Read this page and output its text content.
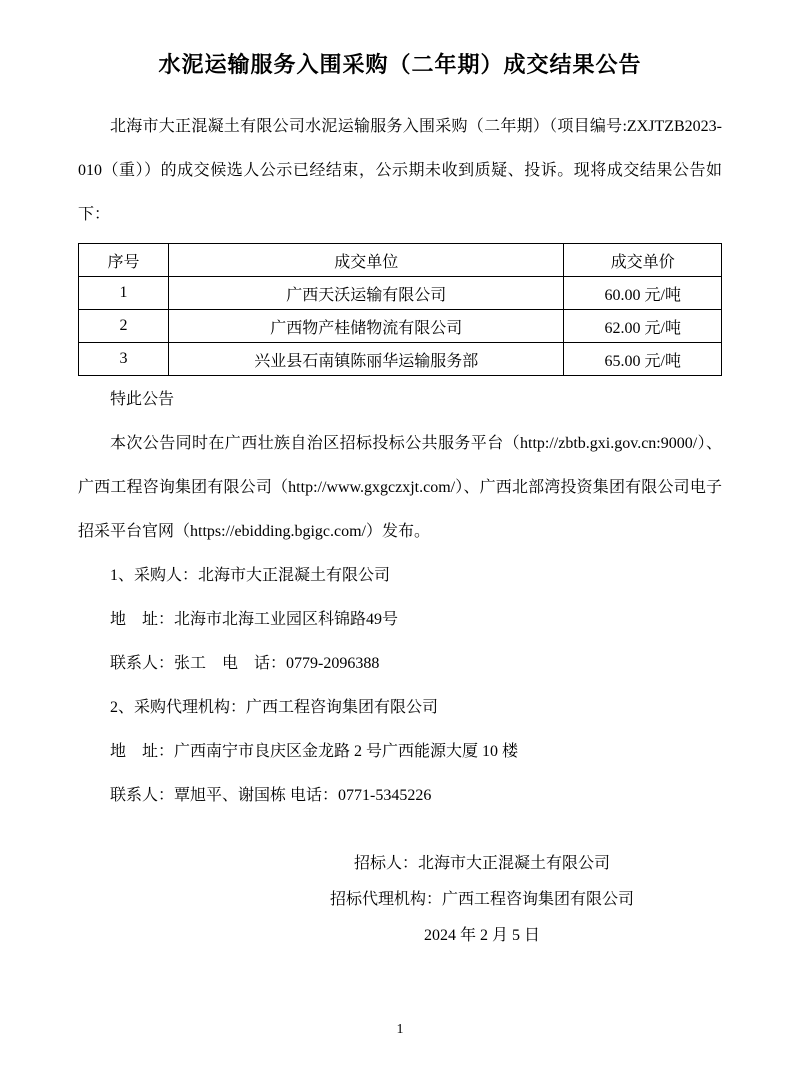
水泥运输服务入围采购（二年期）成交结果公告

北海市大正混凝土有限公司水泥运输服务入围采购（二年期）（项目编号:ZXJTZB2023-010（重））的成交候选人公示已经结束，公示期未收到质疑、投诉。现将成交结果公告如下：

序号	成交单位	成交单价
1	广西天沃运输有限公司	60.00 元/吨
2	广西物产桂储物流有限公司	62.00 元/吨
3	兴业县石南镇陈丽华运输服务部	65.00 元/吨

特此公告

本次公告同时在广西壮族自治区招标投标公共服务平台（http://zbtb.gxi.gov.cn:9000/）、广西工程咨询集团有限公司（http://www.gxgczxjt.com/）、广西北部湾投资集团有限公司电子招采平台官网（https://ebidding.bgigc.com/）发布。

1、采购人：北海市大正混凝土有限公司

地　址：北海市北海工业园区科锦路49号

联系人：张工　电　话：0779-2096388

2、采购代理机构：广西工程咨询集团有限公司

地　址：广西南宁市良庆区金龙路 2 号广西能源大厦 10 楼

联系人：覃旭平、谢国栋 电话：0771-5345226

招标人：北海市大正混凝土有限公司

招标代理机构：广西工程咨询集团有限公司

2024 年 2 月 5 日

1
